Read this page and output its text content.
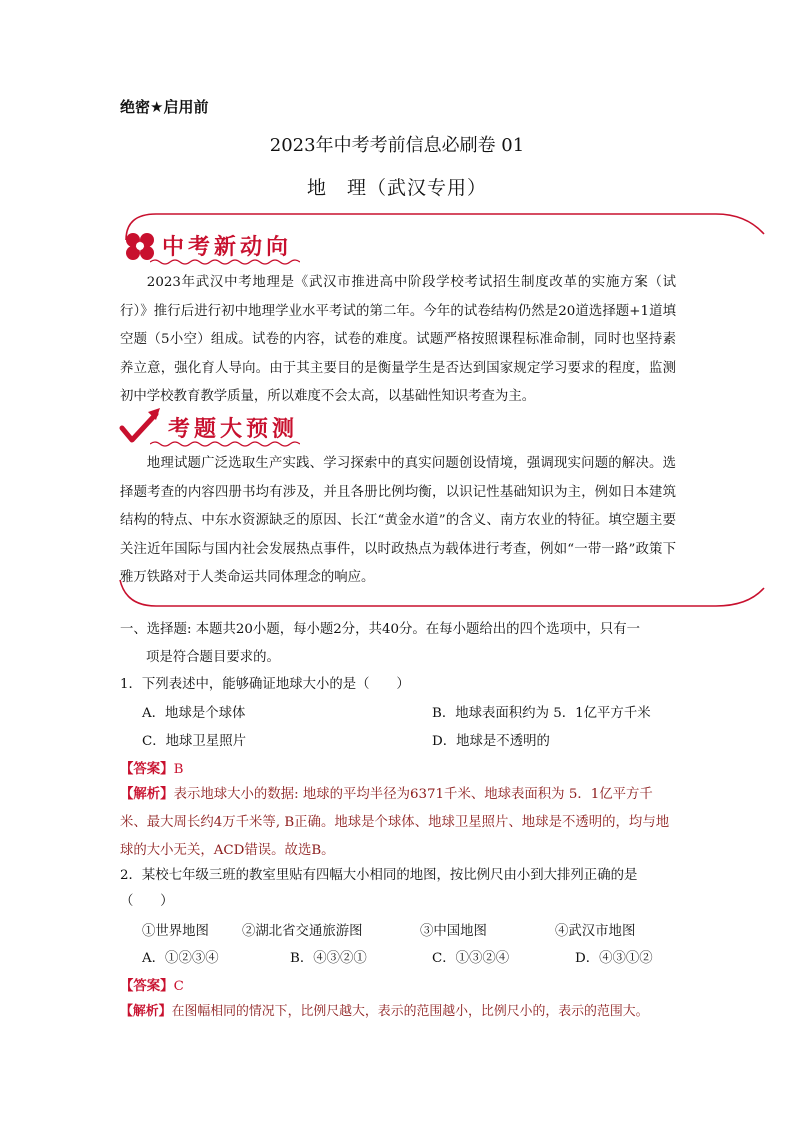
绝密★启用前
2023年中考考前信息必刷卷 01
地　理（武汉专用）
中考新动向
2023年武汉中考地理是《武汉市推进高中阶段学校考试招生制度改革的实施方案（试行）》推行后进行初中地理学业水平考试的第二年。今年的试卷结构仍然是20道选择题+1道填空题（5小空）组成。试卷的内容，试卷的难度。试题严格按照课程标准命制，同时也坚持素养立意，强化育人导向。由于其主要目的是衡量学生是否达到国家规定学习要求的程度，监测初中学校教育教学质量，所以难度不会太高，以基础性知识考查为主。
考题大预测
地理试题广泛选取生产实践、学习探索中的真实问题创设情境，强调现实问题的解决。选择题考查的内容四册书均有涉及，并且各册比例均衡，以识记性基础知识为主，例如日本建筑结构的特点、中东水资源缺乏的原因、长江“黄金水道”的含义、南方农业的特征。填空题主要关注近年国际与国内社会发展热点事件，以时政热点为载体进行考查，例如“一带一路”政策下雅万铁路对于人类命运共同体理念的响应。
一、选择题: 本题共20小题，每小题2分，共40分。在每小题给出的四个选项中，只有一
项是符合题目要求的。
1．下列表述中，能够确证地球大小的是（　　）
A．地球是个球体	B．地球表面积约为 5．1亿平方千米
C．地球卫星照片	D．地球是不透明的
【答案】B
【解析】表示地球大小的数据: 地球的平均半径为6371千米、地球表面积为 5．1亿平方千米、最大周长约4万千米等, B正确。地球是个球体、地球卫星照片、地球是不透明的，均与地球的大小无关，ACD错误。故选B。
2．某校七年级三班的教室里贴有四幅大小相同的地图，按比例尺由小到大排列正确的是
（　　）
①世界地图 ②湖北省交通旅游图	③中国地图	④武汉市地图
A．①②③④	B．④③②①	C．①③②④	D．④③①②
【答案】C
【解析】在图幅相同的情况下，比例尺越大，表示的范围越小，比例尺小的，表示的范围大。
